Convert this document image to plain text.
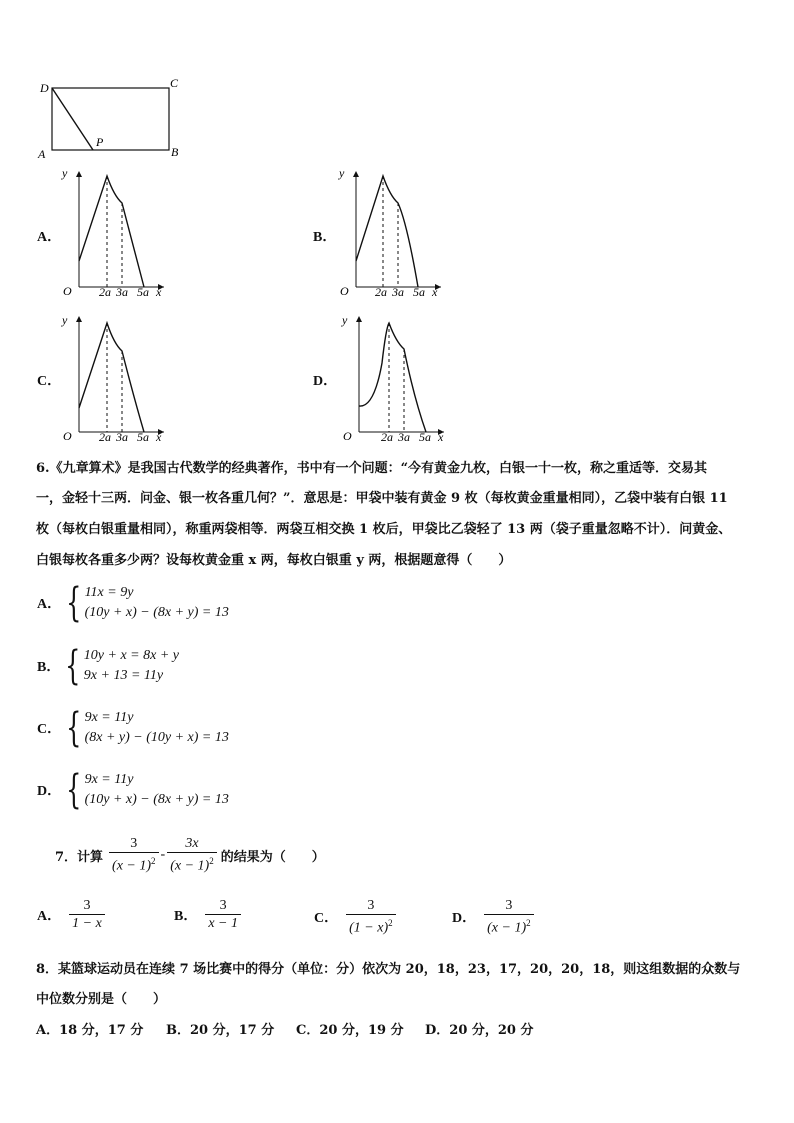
D	C
A	B
P
A．	B．
C．	D．
y
O 2a 3a 5a x
y
O 2a 3a 5a x
y
O 2a 3a 5a x
y
O 2a 3a 5a x
6.《九章算术》是我国古代数学的经典著作，书中有一个问题：“今有黄金九枚，白银一十一枚，称之重适等．交易其
一，金轻十三两．问金、银一枚各重几何？”．意思是：甲袋中装有黄金 9 枚（每枚黄金重量相同），乙袋中装有白银 11
枚（每枚白银重量相同），称重两袋相等．两袋互相交换 1 枚后，甲袋比乙袋轻了 13 两（袋子重量忽略不计）．问黄金、
白银每枚各重多少两？设每枚黄金重 x 两，每枚白银重 y 两，根据题意得（　　）
A． { 11x = 9y
(10y + x) − (8x + y) = 13
B． { 10y + x = 8x + y
9x + 13 = 11y
C． { 9x = 11y
(8x + y) − (10y + x) = 13
D． { 9x = 11y
(10y + x) − (8x + y) = 13
7．计算 $\frac{3}{(x - 1)^2} - \frac{3x}{(x - 1)^2}$ 的结果为（　　）
A． $\frac{3}{1 - x}$	B． $\frac{3}{x - 1}$	C． $\frac{3}{(1 - x)^2}$	D． $\frac{3}{(x - 1)^2}$
8．某篮球运动员在连续 7 场比赛中的得分（单位：分）依次为 20，18，23，17，20，20，18，则这组数据的众数与
中位数分别是（　　）
A．18 分，17 分 B．20 分，17 分 C．20 分，19 分 D．20 分，20 分
